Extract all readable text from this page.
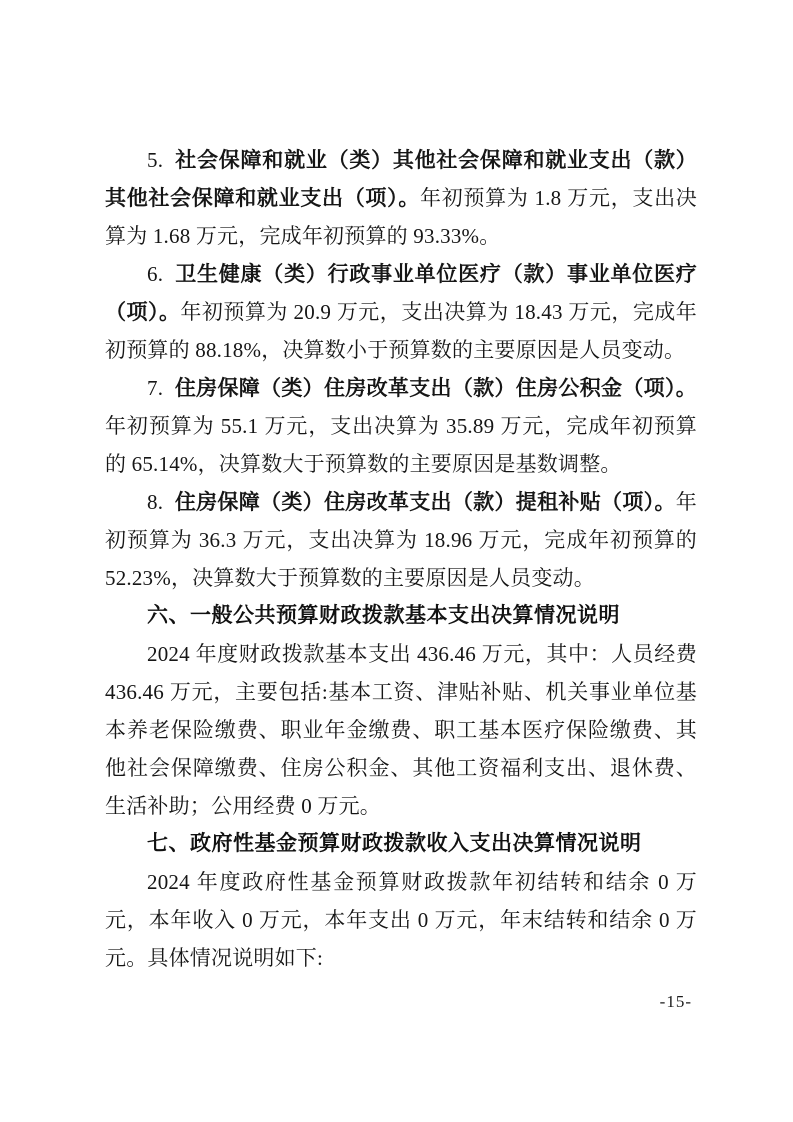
5. 社会保障和就业（类）其他社会保障和就业支出（款）其他社会保障和就业支出（项）。年初预算为 1.8 万元，支出决算为 1.68 万元，完成年初预算的 93.33%。

6. 卫生健康（类）行政事业单位医疗（款）事业单位医疗（项）。年初预算为 20.9 万元，支出决算为 18.43 万元，完成年初预算的 88.18%，决算数小于预算数的主要原因是人员变动。

7. 住房保障（类）住房改革支出（款）住房公积金（项）。年初预算为 55.1 万元，支出决算为 35.89 万元，完成年初预算的 65.14%，决算数大于预算数的主要原因是基数调整。

8. 住房保障（类）住房改革支出（款）提租补贴（项）。年初预算为 36.3 万元，支出决算为 18.96 万元，完成年初预算的 52.23%，决算数大于预算数的主要原因是人员变动。

六、一般公共预算财政拨款基本支出决算情况说明

2024 年度财政拨款基本支出 436.46 万元，其中：人员经费 436.46 万元，主要包括:基本工资、津贴补贴、机关事业单位基本养老保险缴费、职业年金缴费、职工基本医疗保险缴费、其他社会保障缴费、住房公积金、其他工资福利支出、退休费、生活补助；公用经费 0 万元。

七、政府性基金预算财政拨款收入支出决算情况说明

2024 年度政府性基金预算财政拨款年初结转和结余 0 万元，本年收入 0 万元，本年支出 0 万元，年末结转和结余 0 万元。具体情况说明如下:

-15-
